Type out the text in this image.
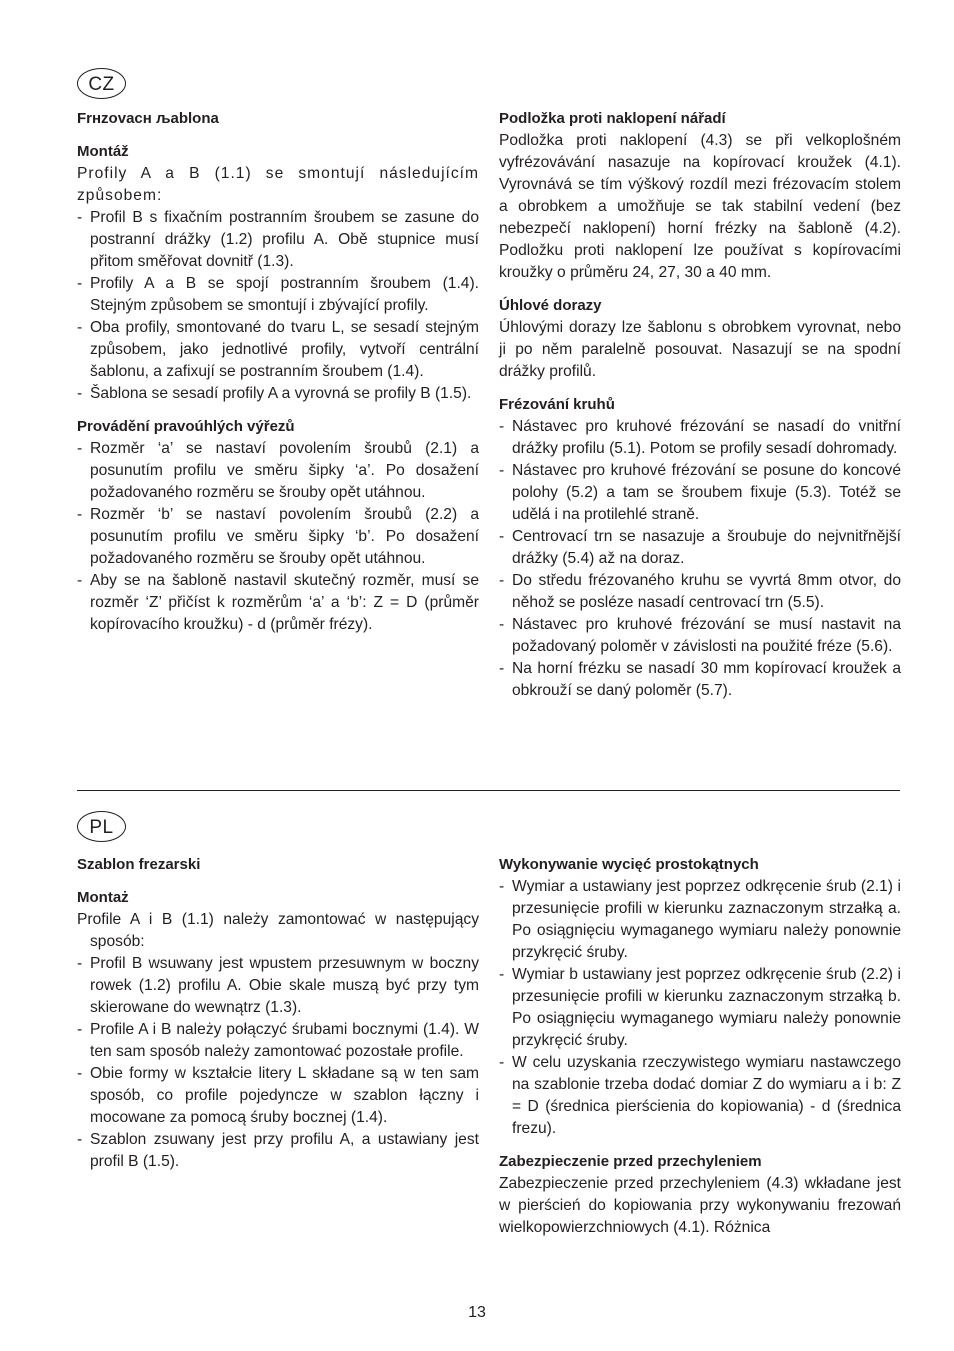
CZ
Frнzovacн љablona
Montáž

Profily A a B (1.1) se smontují následujícím způsobem:

- Profil B s fixačním postranním šroubem se zasune do postranní drážky (1.2) profilu A. Obě stupnice musí přitom směřovat dovnitř (1.3).
- Profily A a B se spojí postranním šroubem (1.4). Stejným způsobem se smontují i zbývající profily.
- Oba profily, smontované do tvaru L, se sesadí stejným způsobem, jako jednotlivé profily, vytvoří centrální šablonu, a zafixují se postranním šroubem (1.4).
- Šablona se sesadí profily A a vyrovná se profily B (1.5).
Provádění pravoúhlých výřezů
- Rozměr ‘a’ se nastaví povolením šroubů (2.1) a posunutím profilu ve směru šipky ‘a’. Po dosažení požadovaného rozměru se šrouby opět utáhnou.
- Rozměr ‘b’ se nastaví povolením šroubů (2.2) a posunutím profilu ve směru šipky ‘b’. Po dosažení požadovaného rozměru se šrouby opět utáhnou.
- Aby se na šabloně nastavil skutečný rozměr, musí se rozměr ‘Z’ přičíst k rozměrům ‘a’ a ‘b’: Z = D (průměr kopírovacího kroužku) - d (průměr frézy).
Podložka proti naklopení nářadí

Podložka proti naklopení (4.3) se při velkoplošném vyfrézovávání nasazuje na kopírovací kroužek (4.1). Vyrovnává se tím výškový rozdíl mezi frézovacím stolem a obrobkem a umožňuje se tak stabilní vedení (bez nebezpečí naklopení) horní frézky na šabloně (4.2). Podložku proti naklopení lze používat s kopírovacími kroužky o průměru 24, 27, 30 a 40 mm.

Úhlové dorazy

Úhlovými dorazy lze šablonu s obrobkem vyrovnat, nebo ji po něm paralelně posouvat. Nasazují se na spodní drážky profilů.

Frézování kruhů
- Nástavec pro kruhové frézování se nasadí do vnitřní drážky profilu (5.1). Potom se profily sesadí dohromady.
- Nástavec pro kruhové frézování se posune do koncové polohy (5.2) a tam se šroubem fixuje (5.3). Totéž se udělá i na protilehlé straně.
- Centrovací trn se nasazuje a šroubuje do nejvnitřnější drážky (5.4) až na doraz.
- Do středu frézovaného kruhu se vyvrtá 8mm otvor, do něhož se posléze nasadí centrovací trn (5.5).
- Nástavec pro kruhové frézování se musí nastavit na požadovaný poloměr v závislosti na použité fréze (5.6).
- Na horní frézku se nasadí 30 mm kopírovací kroužek a obkrouží se daný poloměr (5.7).
PL
Szablon frezarski
Montaż

Profile A i B (1.1) należy zamontować w następujący sposób:

- Profil B wsuwany jest wpustem przesuwnym w boczny rowek (1.2) profilu A. Obie skale muszą być przy tym skierowane do wewnątrz (1.3).
- Profile A i B należy połączyć śrubami bocznymi (1.4). W ten sam sposób należy zamontować pozostałe profile.
- Obie formy w kształcie litery L składane są w ten sam sposób, co profile pojedyncze w szablon łączny i mocowane za pomocą śruby bocznej (1.4).
- Szablon zsuwany jest przy profilu A, a ustawiany jest profil B (1.5).
Wykonywanie wycięć prostokątnych
- Wymiar a ustawiany jest poprzez odkręcenie śrub (2.1) i przesunięcie profili w kierunku zaznaczonym strzałką a. Po osiągnięciu wymaganego wymiaru należy ponownie przykręcić śruby.
- Wymiar b ustawiany jest poprzez odkręcenie śrub (2.2) i przesunięcie profili w kierunku zaznaczonym strzałką b. Po osiągnięciu wymaganego wymiaru należy ponownie przykręcić śruby.
- W celu uzyskania rzeczywistego wymiaru nastawczego na szablonie trzeba dodać domiar Z do wymiaru a i b: Z = D (średnica pierścienia do kopiowania) - d (średnica frezu).
Zabezpieczenie przed przechyleniem

Zabezpieczenie przed przechyleniem (4.3) wkładane jest w pierścień do kopiowania przy wykonywaniu frezowań wielkopowierzchniowych (4.1). Różnica

13
